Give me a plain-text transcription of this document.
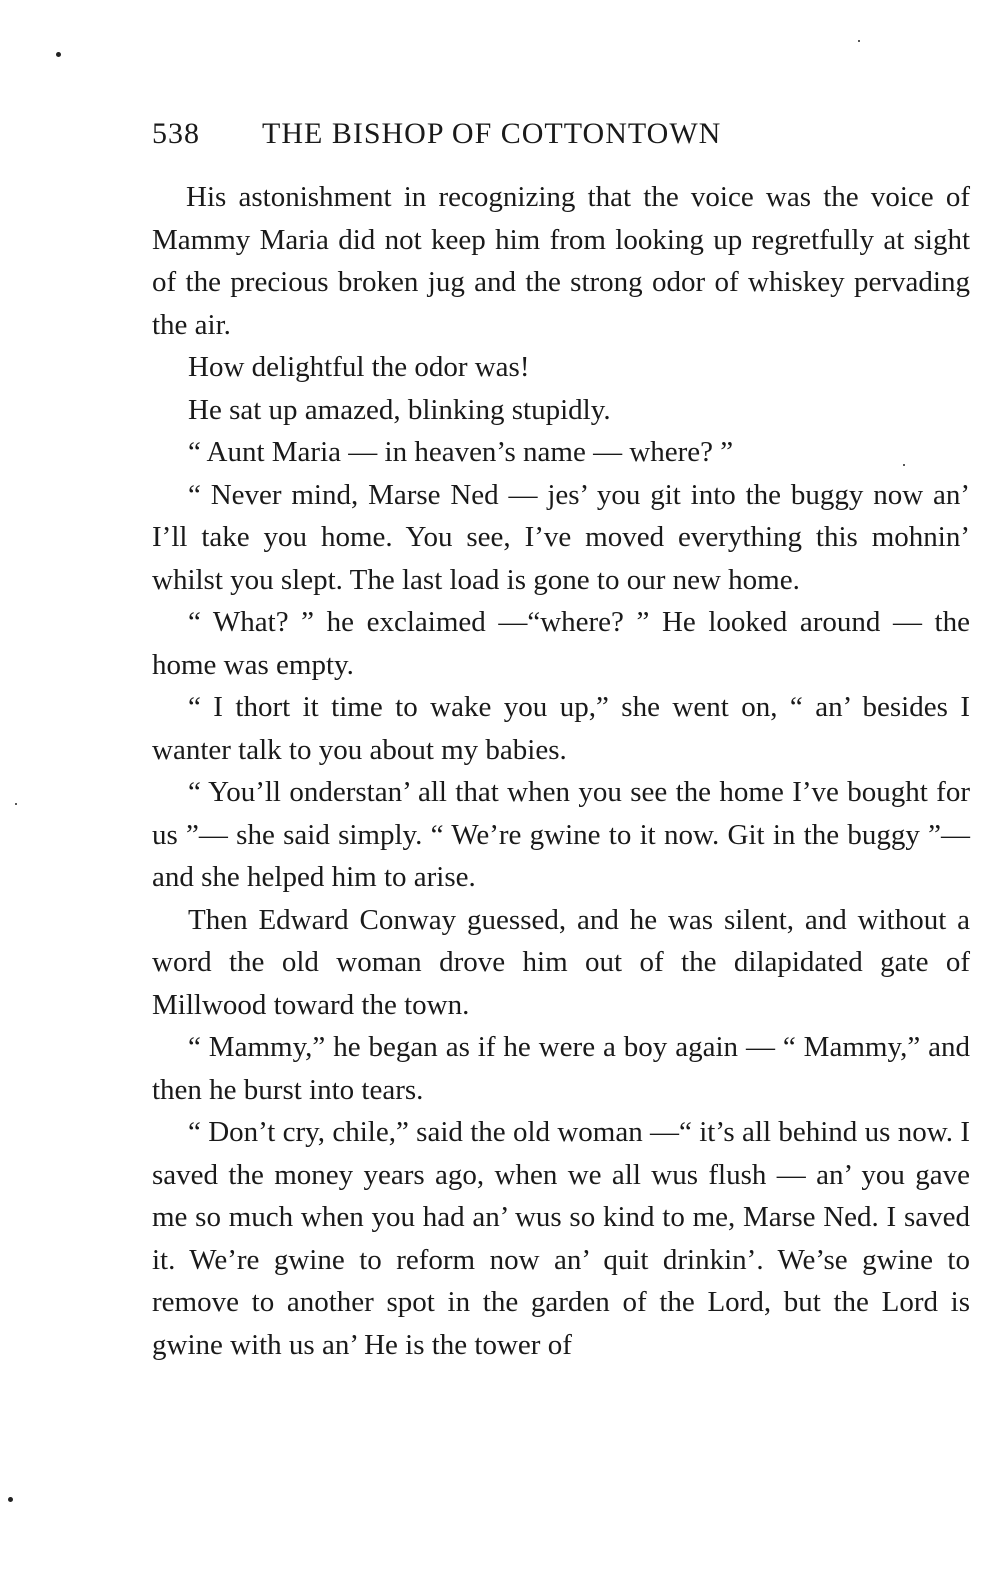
538 THE BISHOP OF COTTONTOWN

His astonishment in recognizing that the voice was the voice of Mammy Maria did not keep him from looking up regretfully at sight of the precious broken jug and the strong odor of whiskey pervading the air.

How delightful the odor was!

He sat up amazed, blinking stupidly.

“ Aunt Maria — in heaven’s name — where? ”

“ Never mind, Marse Ned — jes’ you git into the buggy now an’ I’ll take you home. You see, I’ve moved everything this mohnin’ whilst you slept. The last load is gone to our new home.

“ What? ” he exclaimed —“where? ” He looked around — the home was empty.

“ I thort it time to wake you up,” she went on, “ an’ besides I wanter talk to you about my babies.

“ You’ll onderstan’ all that when you see the home I’ve bought for us ”— she said simply. “ We’re gwine to it now. Git in the buggy ”— and she helped him to arise.

Then Edward Conway guessed, and he was silent, and without a word the old woman drove him out of the dilapidated gate of Millwood toward the town.

“ Mammy,” he began as if he were a boy again — “ Mammy,” and then he burst into tears.

“ Don’t cry, chile,” said the old woman —“ it’s all behind us now. I saved the money years ago, when we all wus flush — an’ you gave me so much when you had an’ wus so kind to me, Marse Ned. I saved it. We’re gwine to reform now an’ quit drinkin’. We’se gwine to remove to another spot in the garden of the Lord, but the Lord is gwine with us an’ He is the tower of
